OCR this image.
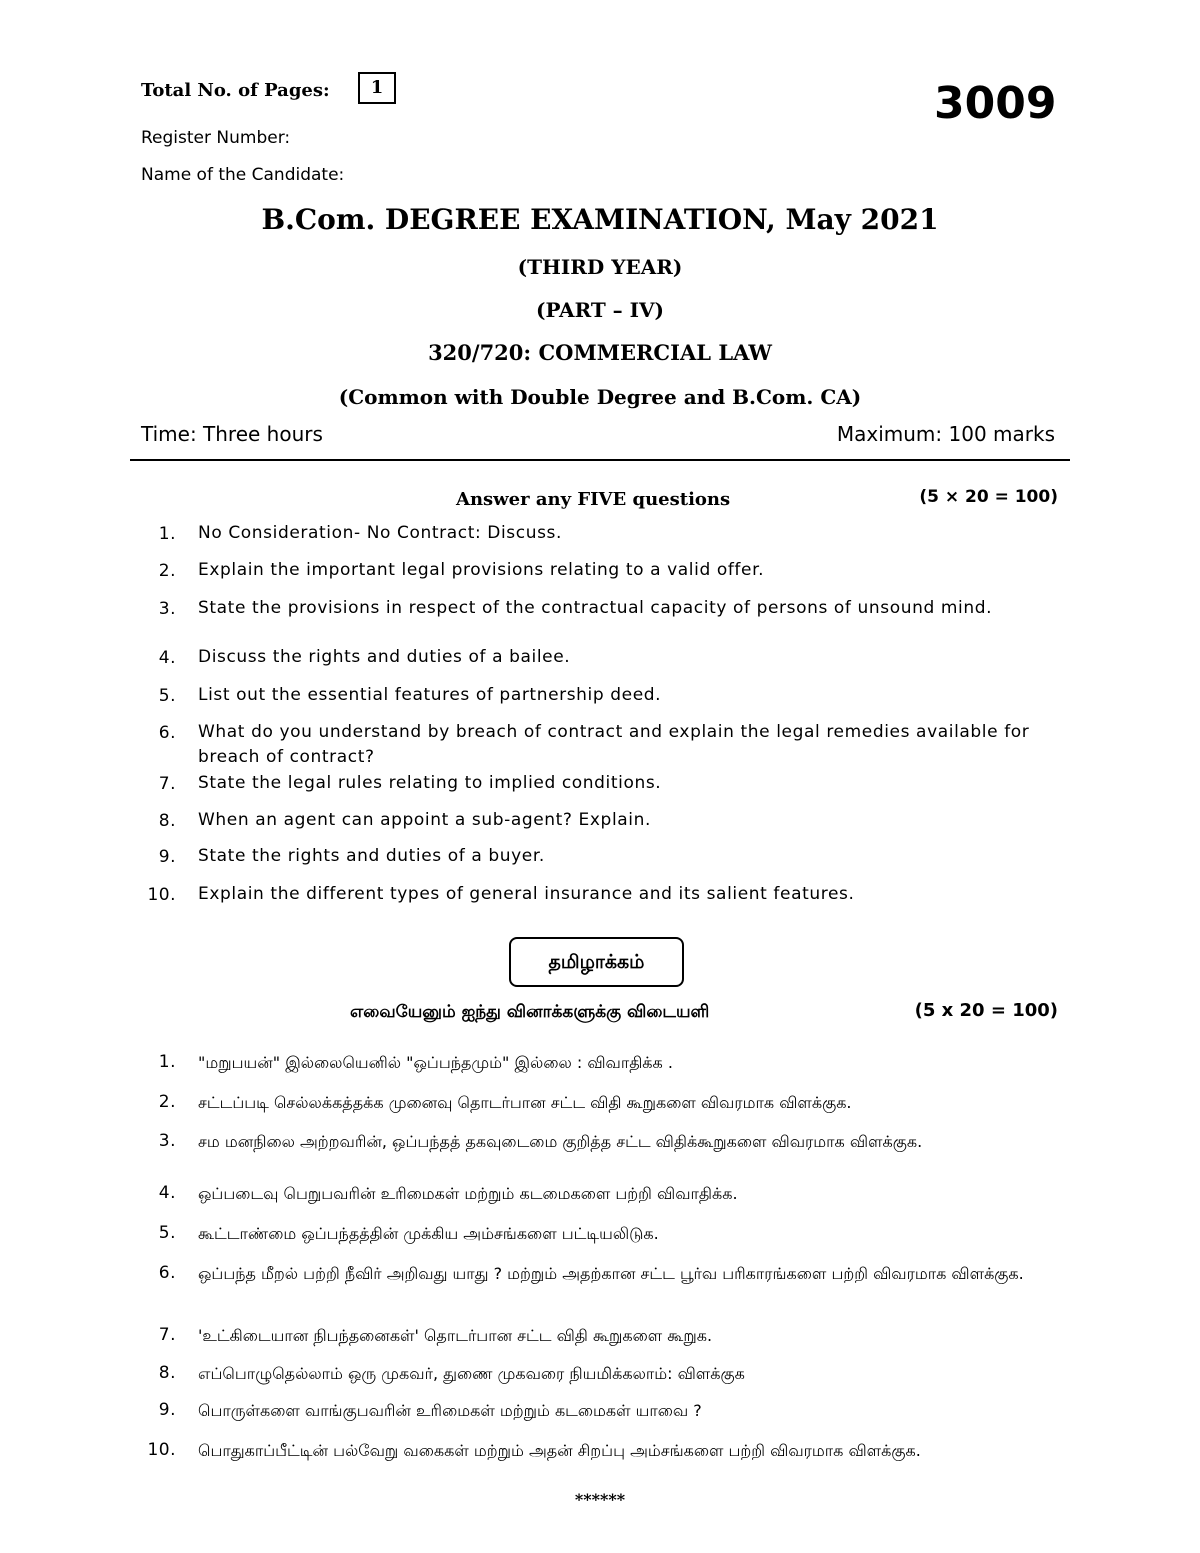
Total No. of Pages:	1	3009
Register Number:
Name of the Candidate:
B.Com. DEGREE EXAMINATION, May 2021
(THIRD YEAR)
(PART – IV)
320/720: COMMERCIAL LAW
(Common with Double Degree and B.Com. CA)
Time: Three hours	Maximum: 100 marks
Answer any FIVE questions	(5 × 20 = 100)
1. No Consideration- No Contract: Discuss.
2. Explain the important legal provisions relating to a valid offer.
3. State the provisions in respect of the contractual capacity of persons of unsound mind.
4. Discuss the rights and duties of a bailee.
5. List out the essential features of partnership deed.
6. What do you understand by breach of contract and explain the legal remedies available for breach of contract?
7. State the legal rules relating to implied conditions.
8. When an agent can appoint a sub-agent? Explain.
9. State the rights and duties of a buyer.
10. Explain the different types of general insurance and its salient features.
தமிழாக்கம்
எவையேனும் ஐந்து வினாக்களுக்கு விடையளி	(5 x 20 = 100)
1. "மறுபயன்" இல்லையெனில் "ஒப்பந்தமும்" இல்லை : விவாதிக்க .
2. சட்டப்படி செல்லக்கத்தக்க முனைவு தொடர்பான சட்ட விதி கூறுகளை விவரமாக விளக்குக.
3. சம மனநிலை அற்றவரின், ஒப்பந்தத் தகவுடைமை குறித்த சட்ட விதிக்கூறுகளை விவரமாக விளக்குக.
4. ஒப்படைவு பெறுபவரின் உரிமைகள் மற்றும் கடமைகளை பற்றி விவாதிக்க.
5. கூட்டாண்மை ஒப்பந்தத்தின் முக்கிய அம்சங்களை பட்டியலிடுக.
6. ஒப்பந்த மீறல் பற்றி நீவிர் அறிவது யாது ? மற்றும் அதற்கான சட்ட பூர்வ பரிகாரங்களை பற்றி விவரமாக விளக்குக.
7. 'உட்கிடையான நிபந்தனைகள்' தொடர்பான சட்ட விதி கூறுகளை கூறுக.
8. எப்பொழுதெல்லாம் ஒரு முகவர், துணை முகவரை நியமிக்கலாம்: விளக்குக
9. பொருள்களை வாங்குபவரின் உரிமைகள் மற்றும் கடமைகள் யாவை ?
10. பொதுகாப்பீட்டின் பல்வேறு வகைகள் மற்றும் அதன் சிறப்பு அம்சங்களை பற்றி விவரமாக விளக்குக.
******
